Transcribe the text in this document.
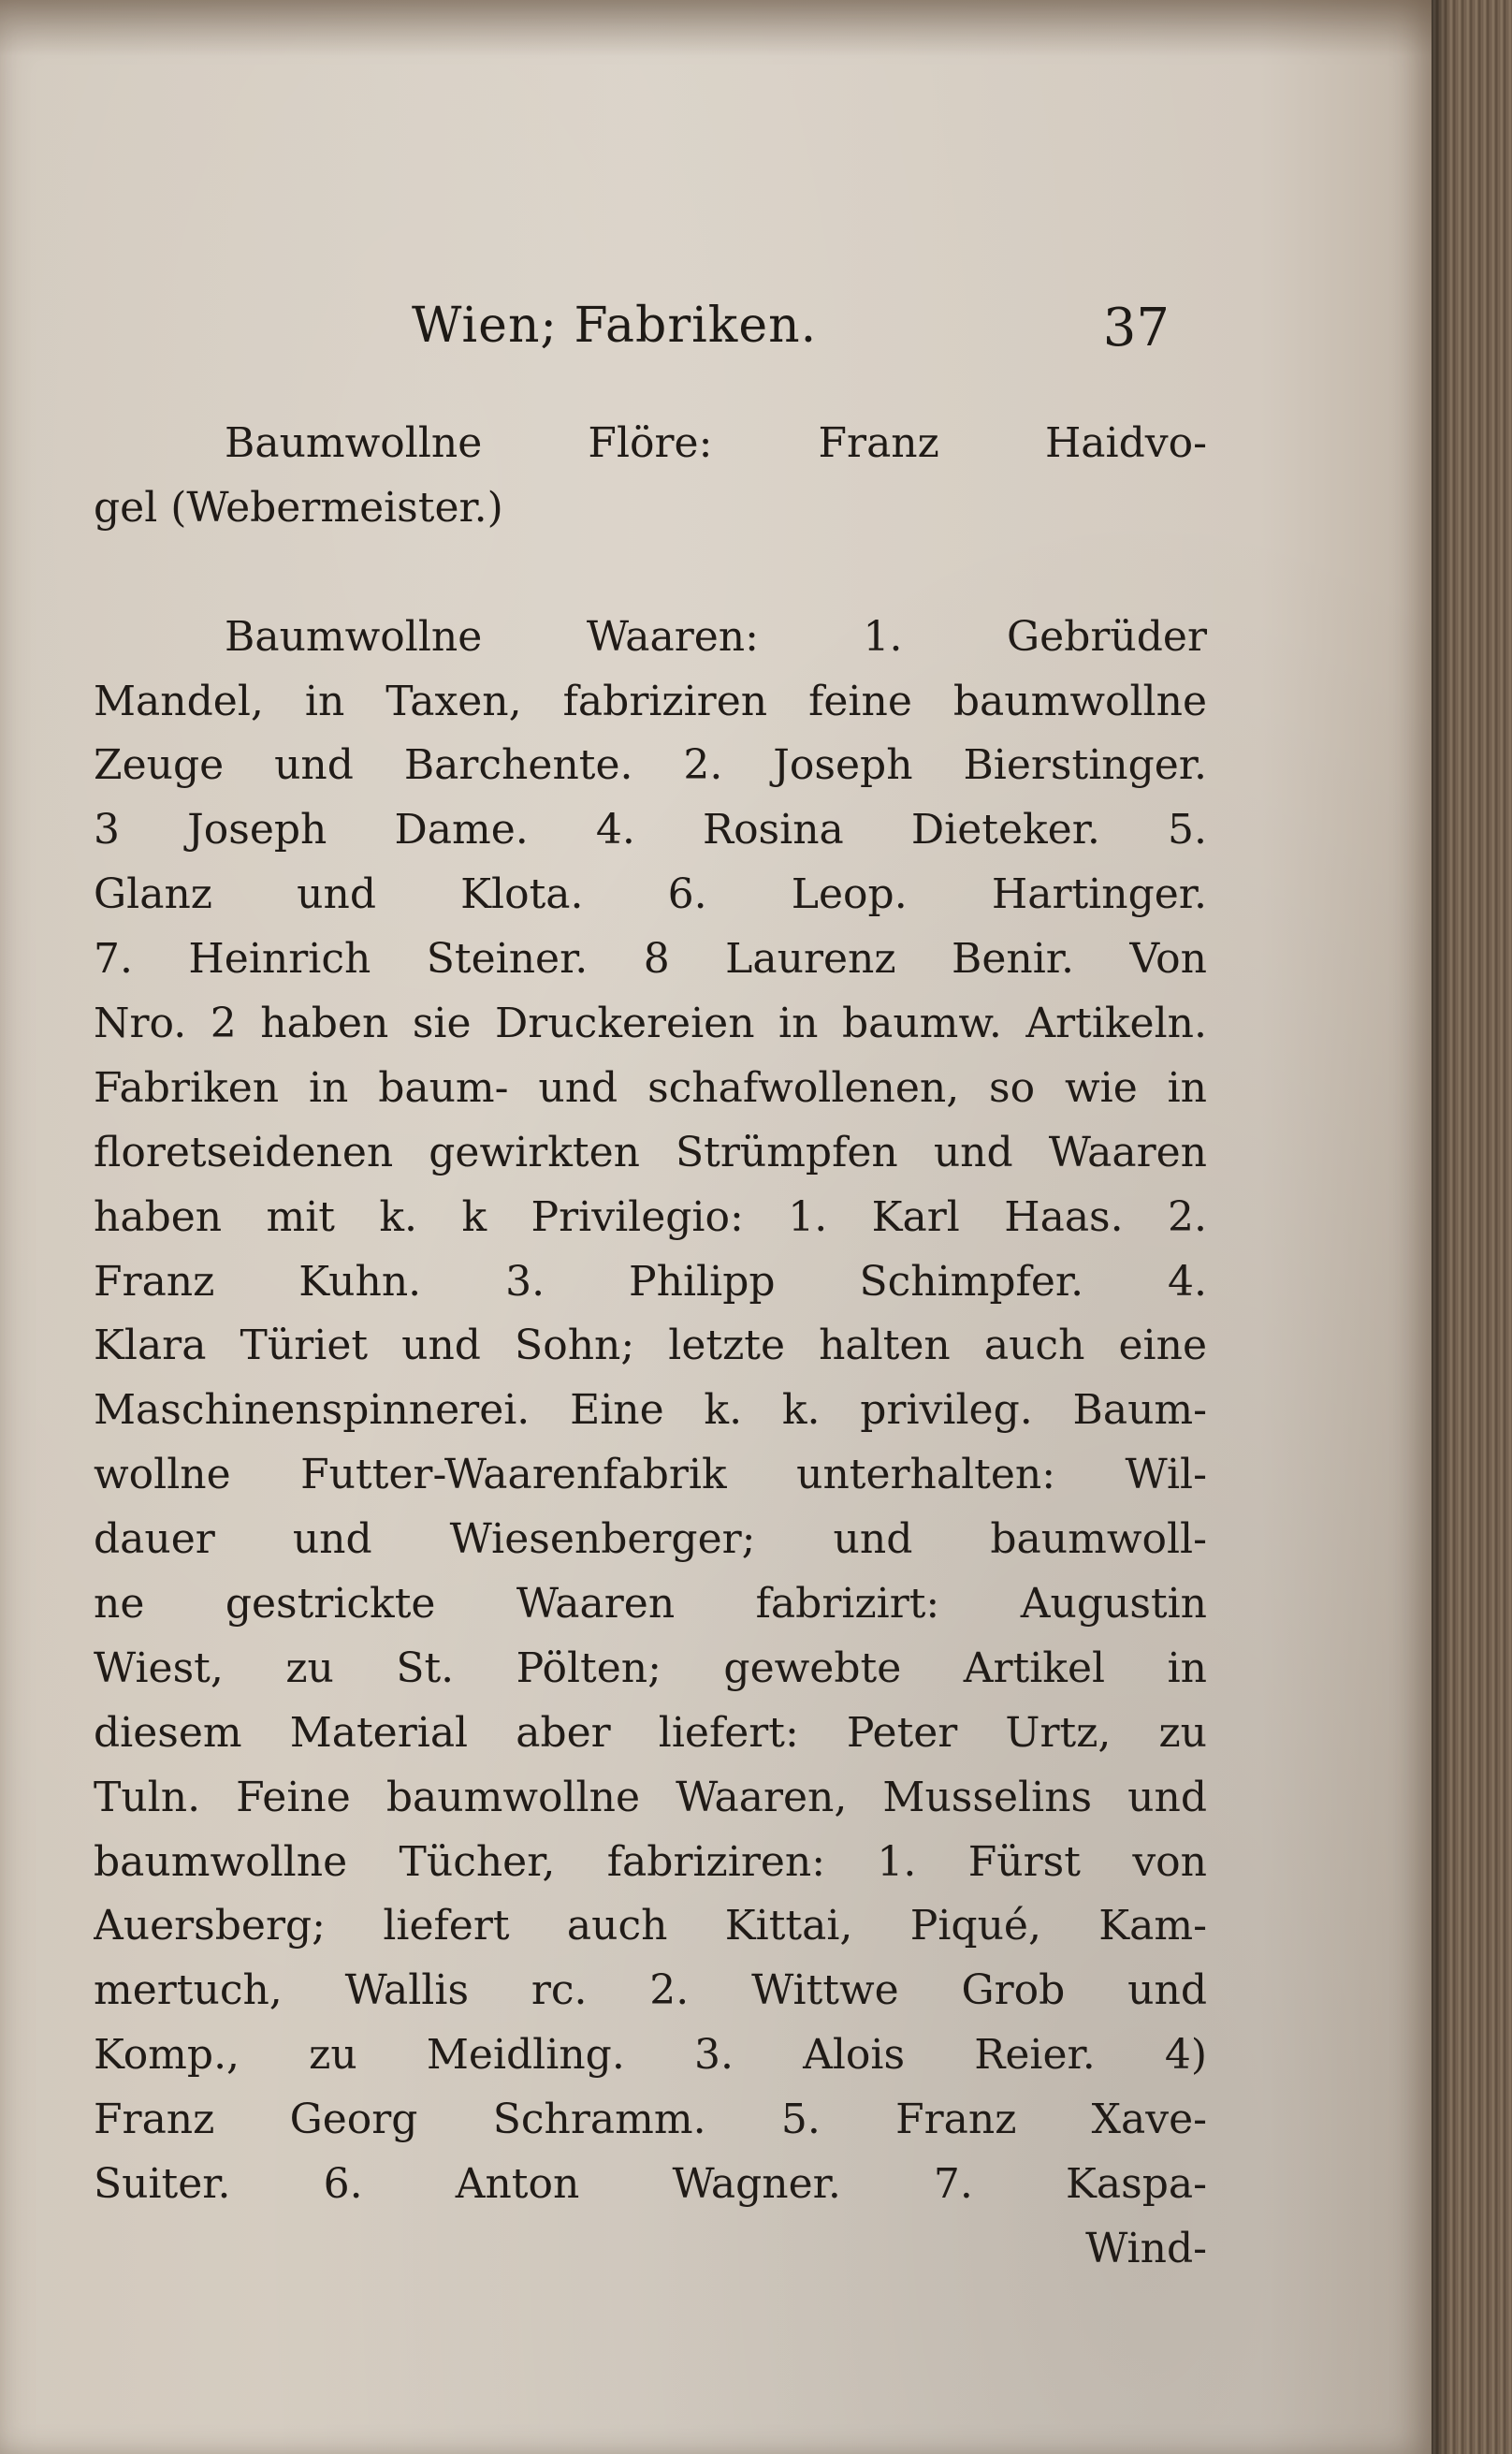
Wien; Fabriken.	37
Baumwollne Flöre: Franz Haidvo-
gel (Webermeister.)
Baumwollne Waaren: 1. Gebrüder
Mandel, in Taxen, fabriziren feine baumwollne
Zeuge und Barchente. 2. Joseph Bierstinger.
3 Joseph Dame. 4. Rosina Dieteker. 5.
Glanz und Klota. 6. Leop. Hartinger.
7. Heinrich Steiner. 8 Laurenz Benir. Von
Nro. 2 haben sie Druckereien in baumw. Artikeln.
Fabriken in baum- und schafwollenen, so wie in
floretseidenen gewirkten Strümpfen und Waaren
haben mit k. k Privilegio: 1. Karl Haas. 2.
Franz Kuhn. 3. Philipp Schimpfer. 4.
Klara Türiet und Sohn; letzte halten auch eine
Maschinenspinnerei. Eine k. k. privileg. Baum-
wollne Futter-Waarenfabrik unterhalten: Wil-
dauer und Wiesenberger; und baumwoll-
ne gestrickte Waaren fabrizirt: Augustin
Wiest, zu St. Pölten; gewebte Artikel in
diesem Material aber liefert: Peter Urtz, zu
Tuln. Feine baumwollne Waaren, Musselins und
baumwollne Tücher, fabriziren: 1. Fürst von
Auersberg; liefert auch Kittai, Piqué, Kam-
mertuch, Wallis rc. 2. Wittwe Grob und
Komp., zu Meidling. 3. Alois Reier. 4)
Franz Georg Schramm. 5. Franz Xave-
Suiter. 6. Anton Wagner. 7. Kaspa-
Wind-
